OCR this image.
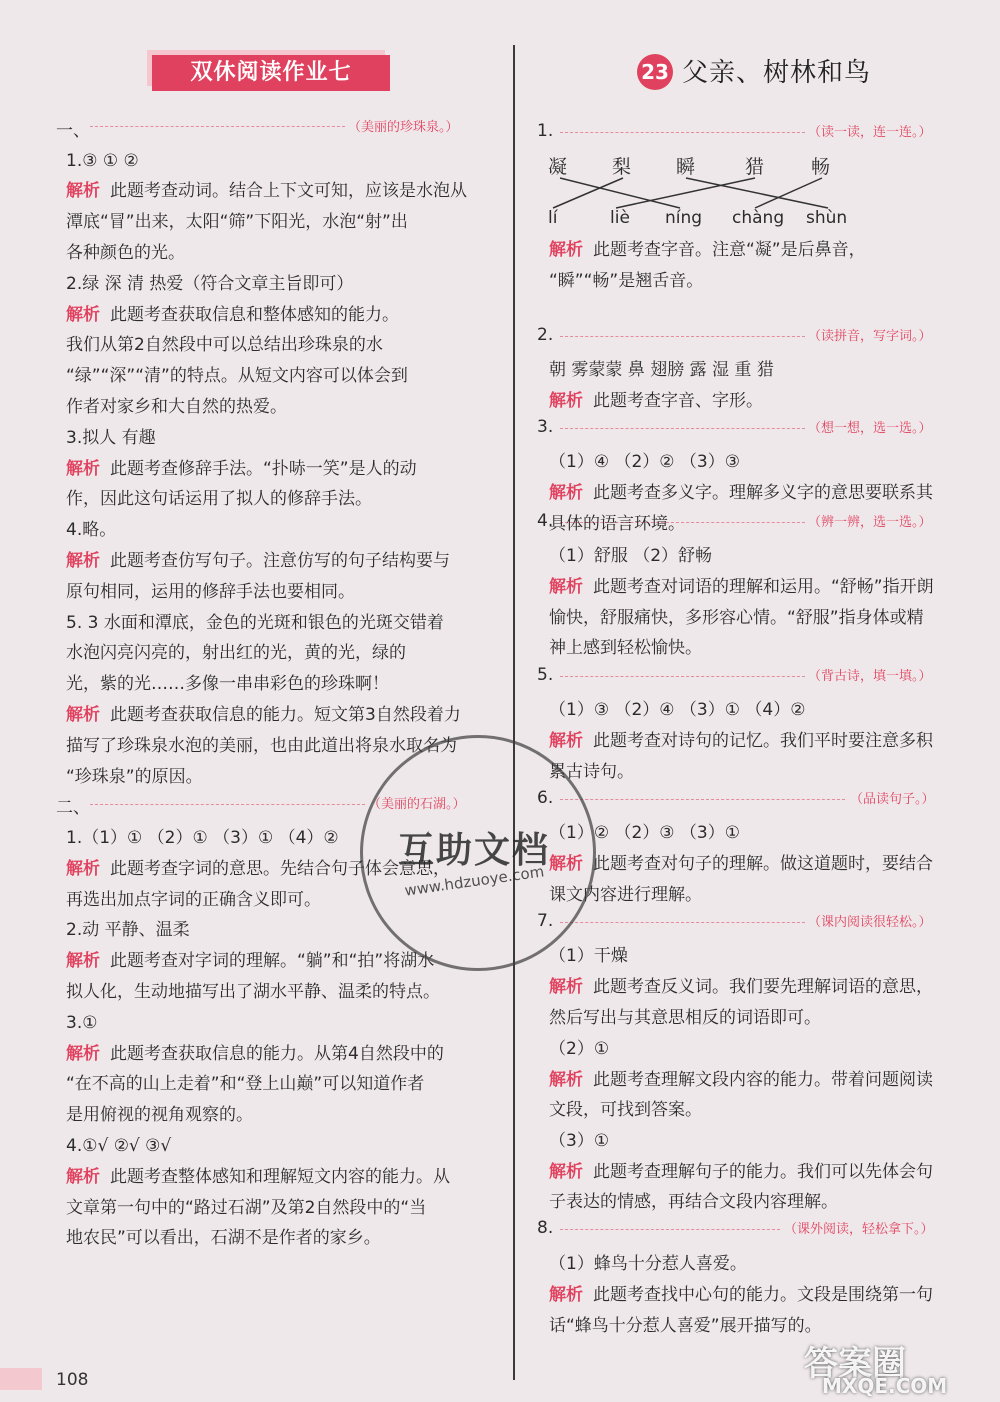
双休阅读作业七
一、	（美丽的珍珠泉。）
二、	（美丽的石湖。）
1.③ ① ②
解析 此题考查动词。结合上下文可知，应该是水泡从
潭底“冒”出来，太阳“筛”下阳光，水泡“射”出
各种颜色的光。
2.绿 深 清 热爱（符合文章主旨即可）
解析 此题考查获取信息和整体感知的能力。
我们从第2自然段中可以总结出珍珠泉的水
“绿”“深”“清”的特点。从短文内容可以体会到
作者对家乡和大自然的热爱。
3.拟人 有趣
解析 此题考查修辞手法。“扑哧一笑”是人的动
作，因此这句话运用了拟人的修辞手法。
4.略。
解析 此题考查仿写句子。注意仿写的句子结构要与
原句相同，运用的修辞手法也要相同。
5. 3 水面和潭底，金色的光斑和银色的光斑交错着
水泡闪亮闪亮的，射出红的光，黄的光，绿的
光，紫的光……多像一串串彩色的珍珠啊！
解析 此题考查获取信息的能力。短文第3自然段着力
描写了珍珠泉水泡的美丽，也由此道出将泉水取名为
“珍珠泉”的原因。
1.（1）① （2）① （3）① （4）②
解析 此题考查字词的意思。先结合句子体会意思，
再选出加点字词的正确含义即可。
2.动 平静、温柔
解析 此题考查对字词的理解。“躺”和“拍”将湖水
拟人化，生动地描写出了湖水平静、温柔的特点。
3.①
解析 此题考查获取信息的能力。从第4自然段中的
“在不高的山上走着”和“登上山巅”可以知道作者
是用俯视的视角观察的。
4.①√ ②√ ③√
解析 此题考查整体感知和理解短文内容的能力。从
文章第一句中的“路过石湖”及第2自然段中的“当
地农民”可以看出，石湖不是作者的家乡。
23 父亲、树林和鸟
1.	（读一读，连一连。）
2.	（读拼音，写字词。）
3.	（想一想，选一选。）
4.	（辨一辨，选一选。）
5.	（背古诗，填一填。）
6.	（品读句子。）
7.	（课内阅读很轻松。）
8.	（课外阅读，轻松拿下。）
凝 梨 瞬	猎 畅
lí	liè níng chàng shùn
解析 此题考查字音。注意“凝”是后鼻音，
“瞬”“畅”是翘舌音。
朝 雾蒙蒙 鼻 翅膀 露 湿 重 猎
解析 此题考查字音、字形。
（1）④ （2）② （3）③
解析 此题考查多义字。理解多义字的意思要联系其
具体的语言环境。
（1）舒服 （2）舒畅
解析 此题考查对词语的理解和运用。“舒畅”指开朗
愉快，舒服痛快，多形容心情。“舒服”指身体或精
神上感到轻松愉快。
（1）③ （2）④ （3）① （4）②
解析 此题考查对诗句的记忆。我们平时要注意多积
累古诗句。
（1）② （2）③ （3）①
解析 此题考查对句子的理解。做这道题时，要结合
课文内容进行理解。
（1）干燥
解析 此题考查反义词。我们要先理解词语的意思，
然后写出与其意思相反的词语即可。
（2）①
解析 此题考查理解文段内容的能力。带着问题阅读
文段，可找到答案。
（3）①
解析 此题考查理解句子的能力。我们可以先体会句
子表达的情感，再结合文段内容理解。
（1）蜂鸟十分惹人喜爱。
解析 此题考查找中心句的能力。文段是围绕第一句
话“蜂鸟十分惹人喜爱”展开描写的。
互助文档
www.hdzuoye.com
108	答案圈
MXQE.COM
